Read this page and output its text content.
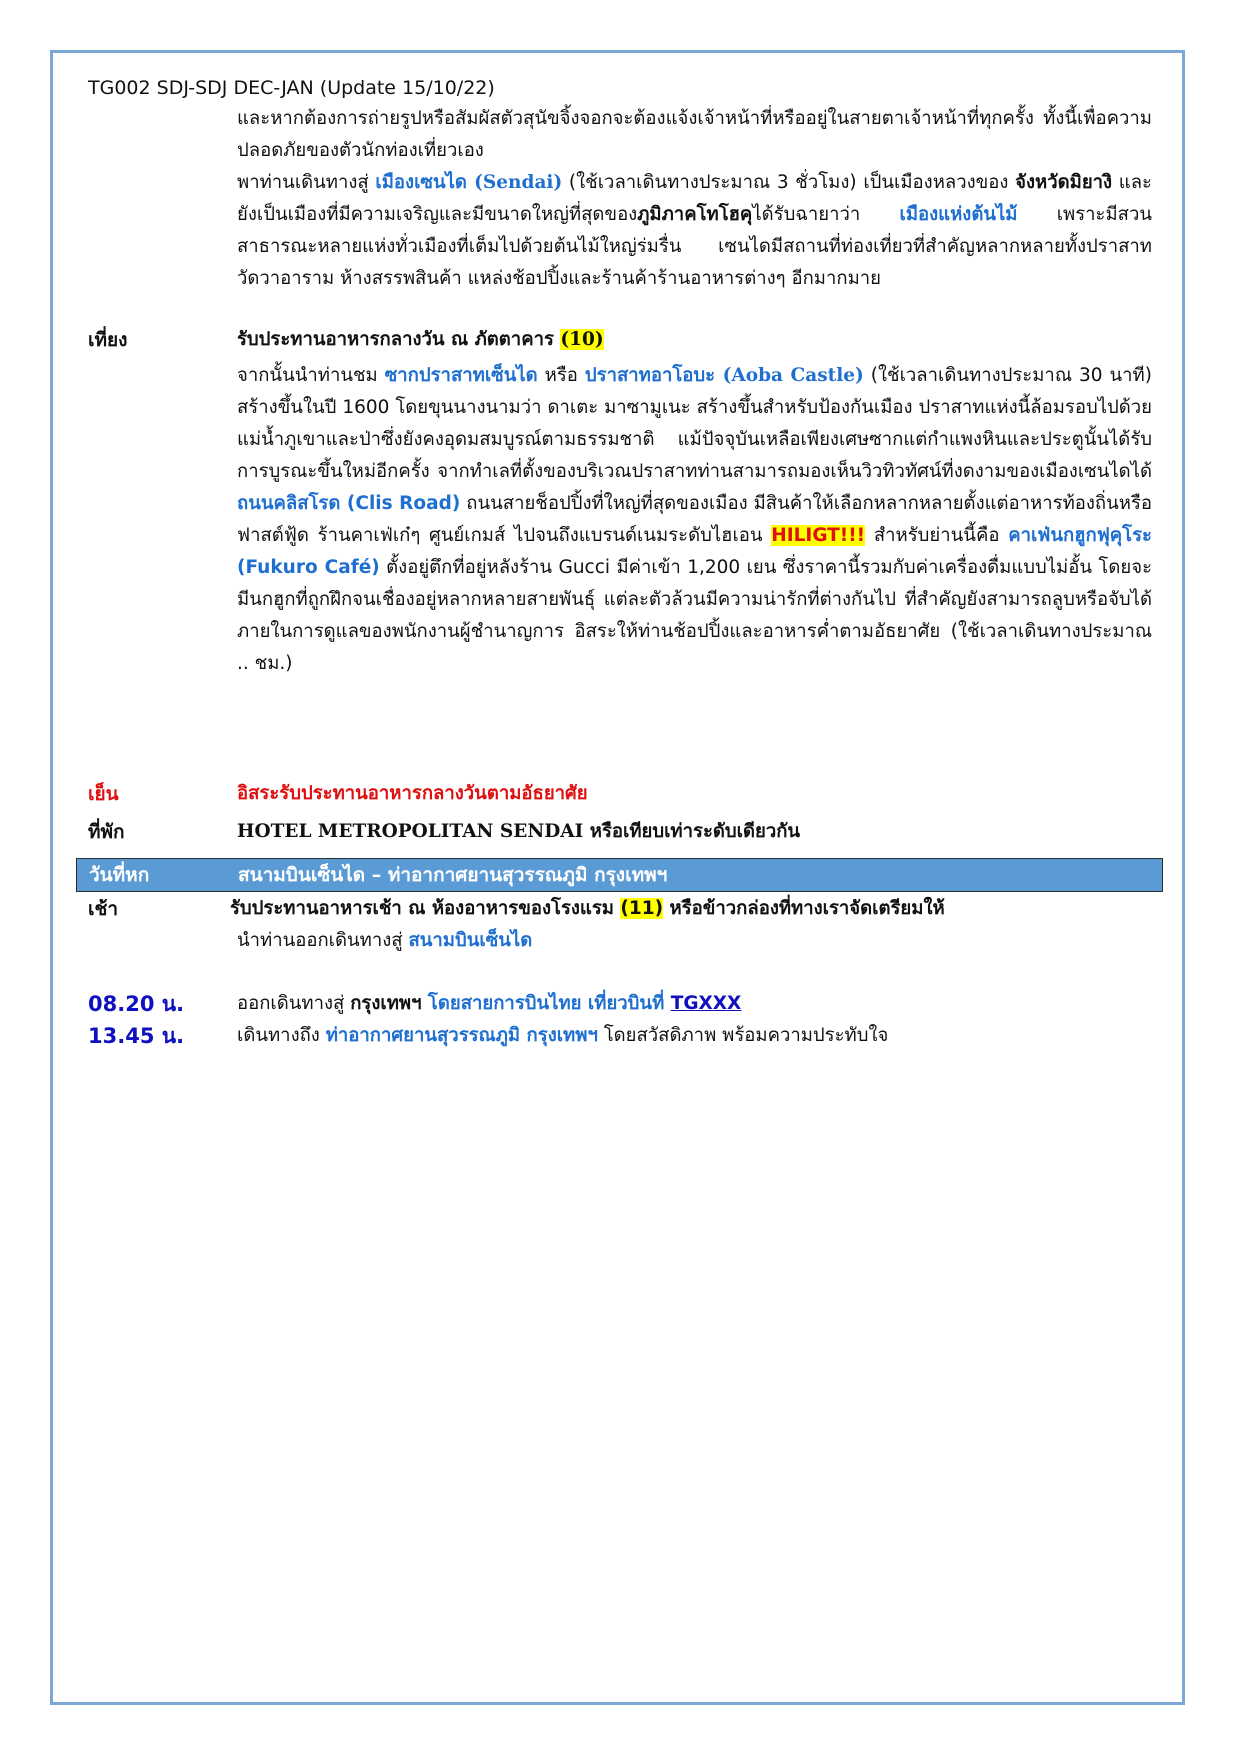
TG002 SDJ-SDJ DEC-JAN (Update 15/10/22)
และหากต้องการถ่ายรูปหรือสัมผัสตัวสุนัขจิ้งจอกจะต้องแจ้งเจ้าหน้าที่หรืออยู่ในสายตาเจ้าหน้าที่ทุกครั้ง ทั้งนี้เพื่อความปลอดภัยของตัวนักท่องเที่ยวเอง
พาท่านเดินทางสู่ เมืองเซนได (Sendai) (ใช้เวลาเดินทางประมาณ 3 ชั่วโมง) เป็นเมืองหลวงของ จังหวัดมิยางิ และยังเป็นเมืองที่มีความเจริญและมีขนาดใหญ่ที่สุดของภูมิภาคโทโฮคุได้รับฉายาว่า เมืองแห่งต้นไม้ เพราะมีสวนสาธารณะหลายแห่งทั่วเมืองที่เต็มไปด้วยต้นไม้ใหญ่ร่มรื่น เซนไดมีสถานที่ท่องเที่ยวที่สำคัญหลากหลายทั้งปราสาท วัดวาอาราม ห้างสรรพสินค้า แหล่งช้อปปิ้งและร้านค้าร้านอาหารต่างๆ อีกมากมาย
เที่ยง	รับประทานอาหารกลางวัน ณ ภัตตาคาร (10)
จากนั้นนำท่านชม ซากปราสาทเซ็นได หรือ ปราสาทอาโอบะ (Aoba Castle) (ใช้เวลาเดินทางประมาณ 30 นาที) สร้างขึ้นในปี 1600 โดยขุนนางนามว่า ดาเตะ มาซามูเนะ สร้างขึ้นสำหรับป้องกันเมือง ปราสาทแห่งนี้ล้อมรอบไปด้วยแม่น้ำภูเขาและป่าซึ่งยังคงอุดมสมบูรณ์ตามธรรมชาติ แม้ปัจจุบันเหลือเพียงเศษซากแต่กำแพงหินและประตูนั้นได้รับการบูรณะขึ้นใหม่อีกครั้ง จากทำเลที่ตั้งของบริเวณปราสาทท่านสามารถมองเห็นวิวทิวทัศน์ที่งดงามของเมืองเซนไดได้ ถนนคลิสโรด (Clis Road) ถนนสายช็อปปิ้งที่ใหญ่ที่สุดของเมือง มีสินค้าให้เลือกหลากหลายตั้งแต่อาหารท้องถิ่นหรือฟาสต์ฟู้ด ร้านคาเฟ่เก๋ๆ ศูนย์เกมส์ ไปจนถึงแบรนด์เนมระดับไฮเอน HILIGT!!! สำหรับย่านนี้คือ คาเฟ่นกฮูกฟุคุโระ (Fukuro Café) ตั้งอยู่ตึกที่อยู่หลังร้าน Gucci มีค่าเข้า 1,200 เยน ซึ่งราคานี้รวมกับค่าเครื่องดื่มแบบไม่อั้น โดยจะมีนกฮูกที่ถูกฝึกจนเชื่องอยู่หลากหลายสายพันธุ์ แต่ละตัวล้วนมีความน่ารักที่ต่างกันไป ที่สำคัญยังสามารถลูบหรือจับได้ภายในการดูแลของพนักงานผู้ชำนาญการ อิสระให้ท่านช้อปปิ้งและอาหารค่ำตามอัธยาศัย (ใช้เวลาเดินทางประมาณ .. ชม.)
เย็น	อิสระรับประทานอาหารกลางวันตามอัธยาศัย
ที่พัก	HOTEL METROPOLITAN SENDAI หรือเทียบเท่าระดับเดียวกัน
วันที่หก	สนามบินเซ็นได – ท่าอากาศยานสุวรรณภูมิ กรุงเทพฯ
เช้า	รับประทานอาหารเช้า ณ ห้องอาหารของโรงแรม (11) หรือข้าวกล่องที่ทางเราจัดเตรียมให้
นำท่านออกเดินทางสู่ สนามบินเซ็นได
08.20 น.	ออกเดินทางสู่ กรุงเทพฯ โดยสายการบินไทย เที่ยวบินที่ TGXXX
13.45 น.	เดินทางถึง ท่าอากาศยานสุวรรณภูมิ กรุงเทพฯ โดยสวัสดิภาพ พร้อมความประทับใจ
